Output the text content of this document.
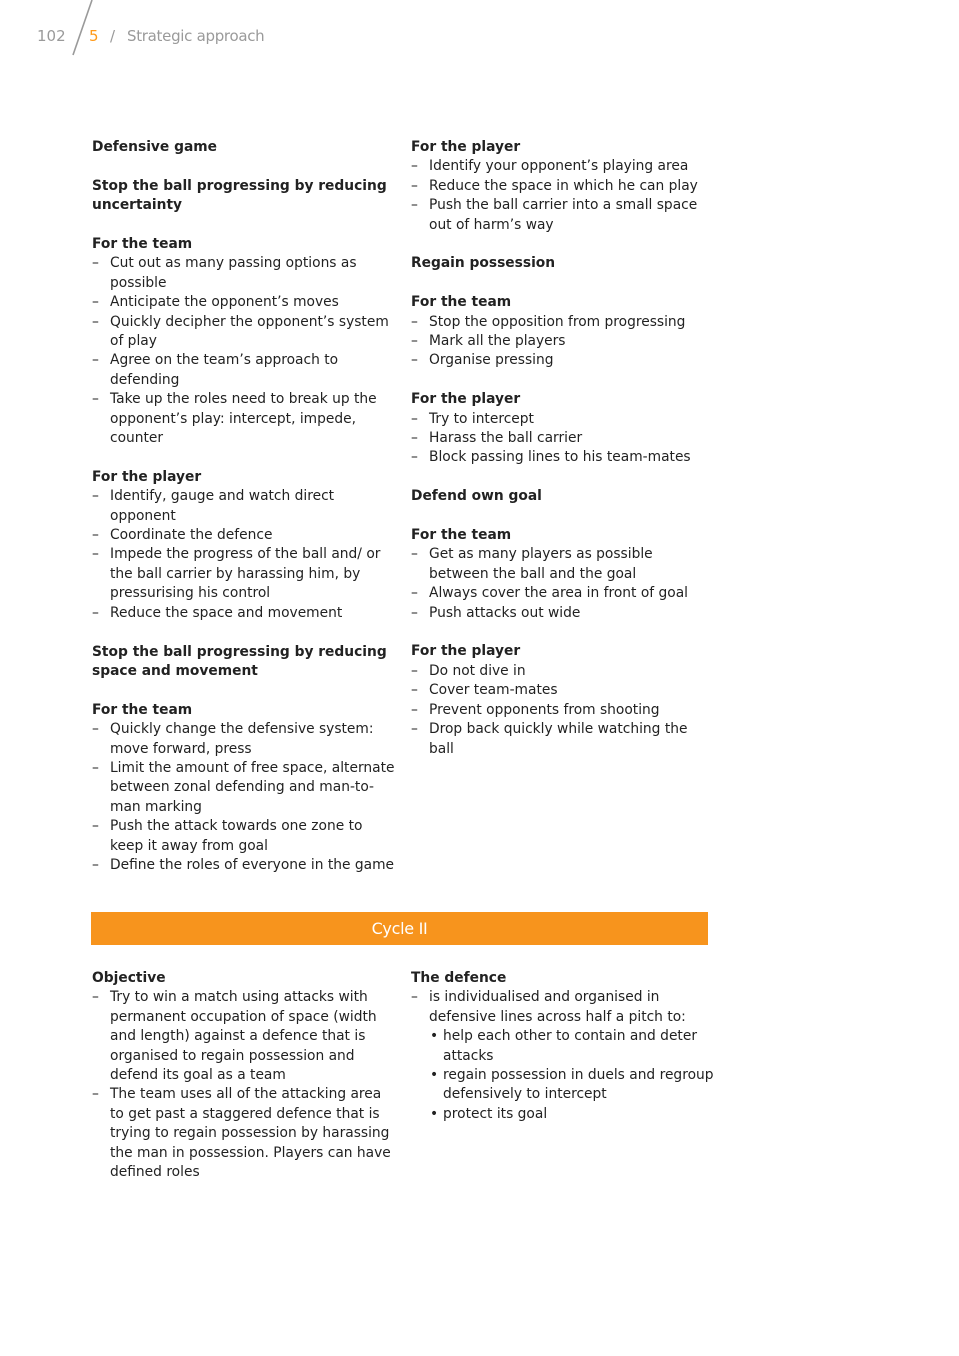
102 5 / Strategic approach
Defensive game
Stop the ball progressing by reducing uncertainty
For the team
– Cut out as many passing options as possible
– Anticipate the opponent’s moves
– Quickly decipher the opponent’s system of play
– Agree on the team’s approach to defending
– Take up the roles need to break up the opponent’s play: intercept, impede, counter
For the player
– Identify, gauge and watch direct opponent
– Coordinate the defence
– Impede the progress of the ball and/ or the ball carrier by harassing him, by pressurising his control
– Reduce the space and movement
Stop the ball progressing by reducing space and movement
For the team
– Quickly change the defensive system: move forward, press
– Limit the amount of free space, alternate between zonal defending and man-to-man marking
– Push the attack towards one zone to keep it away from goal
– Define the roles of everyone in the game
For the player
– Identify your opponent’s playing area
– Reduce the space in which he can play
– Push the ball carrier into a small space out of harm’s way
Regain possession
For the team
– Stop the opposition from progressing
– Mark all the players
– Organise pressing
For the player
– Try to intercept
– Harass the ball carrier
– Block passing lines to his team-mates
Defend own goal
For the team
– Get as many players as possible between the ball and the goal
– Always cover the area in front of goal
– Push attacks out wide
For the player
– Do not dive in
– Cover team-mates
– Prevent opponents from shooting
– Drop back quickly while watching the ball
Cycle II
Objective
– Try to win a match using attacks with permanent occupation of space (width and length) against a defence that is organised to regain possession and defend its goal as a team
– The team uses all of the attacking area to get past a staggered defence that is trying to regain possession by harassing the man in possession. Players can have defined roles
The defence
– is individualised and organised in defensive lines across half a pitch to:
• help each other to contain and deter attacks
• regain possession in duels and regroup defensively to intercept
• protect its goal
